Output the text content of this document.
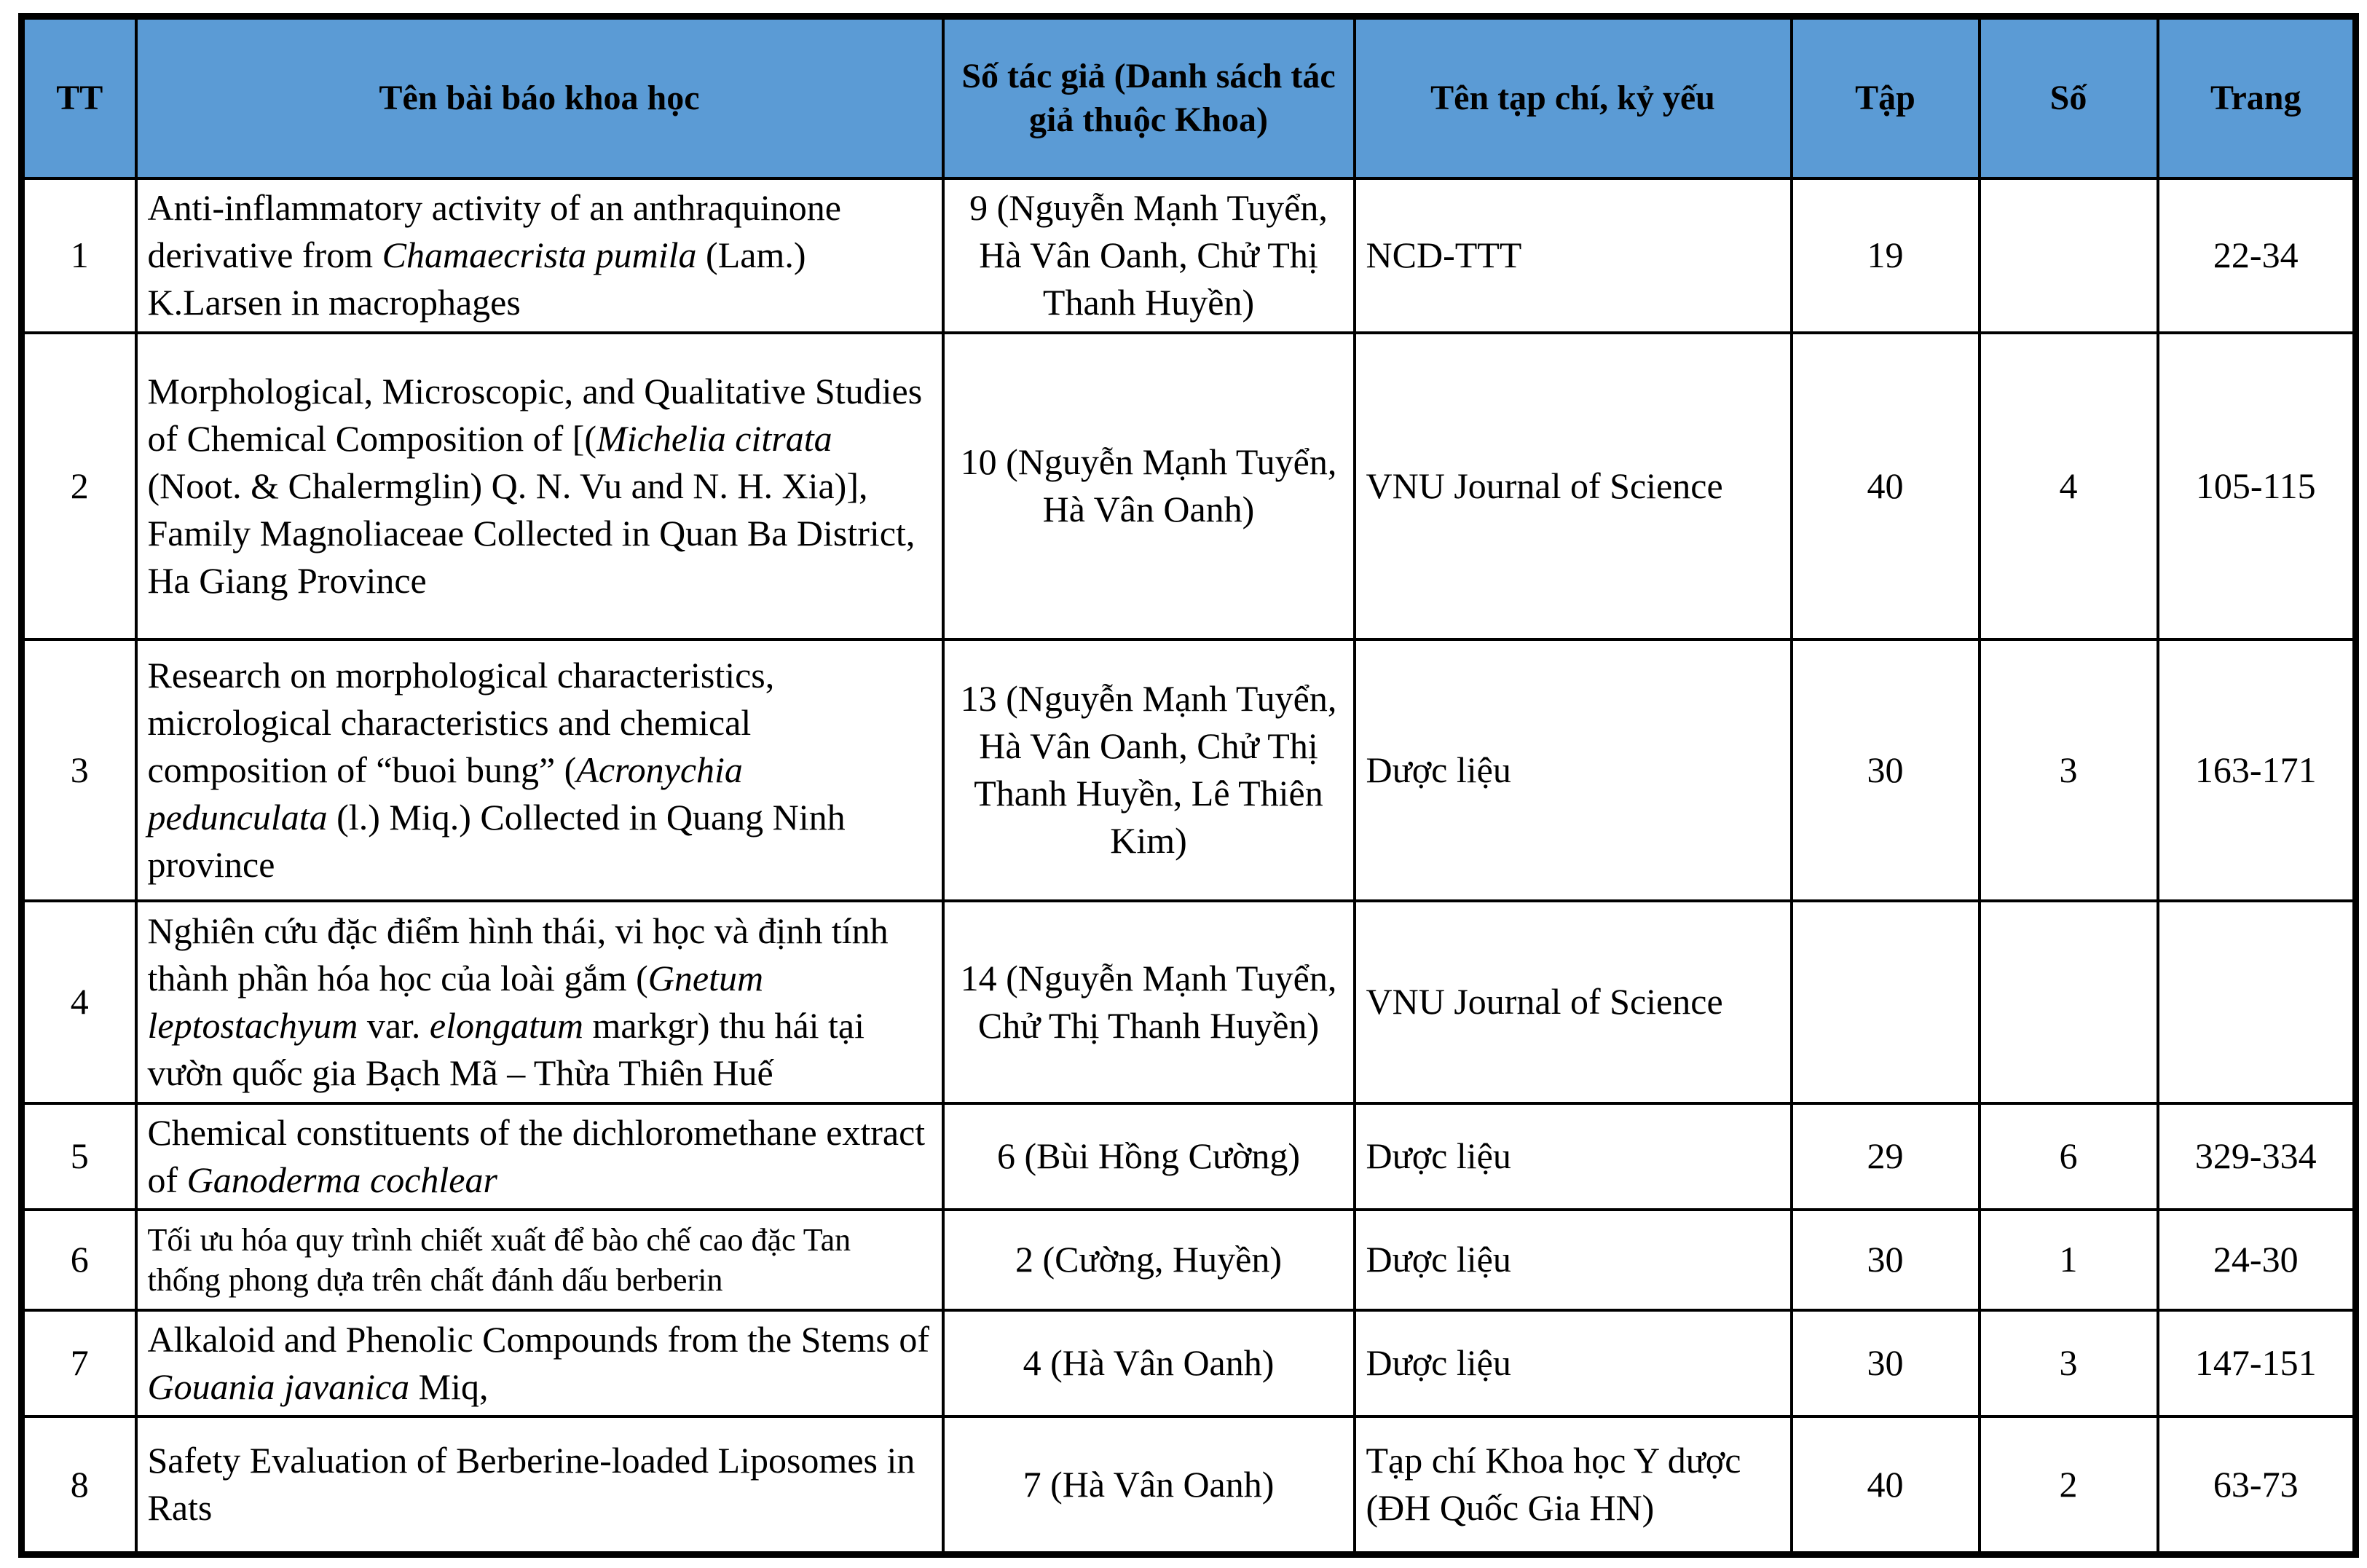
TT	Tên bài báo khoa học	Số tác giả (Danh sách tác giả thuộc Khoa)	Tên tạp chí, kỷ yếu	Tập	Số	Trang
1	Anti-inflammatory activity of an anthraquinone derivative from Chamaecrista pumila (Lam.) K.Larsen in macrophages	9 (Nguyễn Mạnh Tuyển, Hà Vân Oanh, Chử Thị Thanh Huyền)	NCD-TTT	19		22-34
2	Morphological, Microscopic, and Qualitative Studies of Chemical Composition of [(Michelia citrata (Noot. & Chalermglin) Q. N. Vu and N. H. Xia)], Family Magnoliaceae Collected in Quan Ba District, Ha Giang Province	10 (Nguyễn Mạnh Tuyển, Hà Vân Oanh)	VNU Journal of Science	40	4	105-115
3	Research on morphological characteristics, micrological characteristics and chemical composition of “buoi bung” (Acronychia pedunculata (l.) Miq.) Collected in Quang Ninh province	13 (Nguyễn Mạnh Tuyển, Hà Vân Oanh, Chử Thị Thanh Huyền, Lê Thiên Kim)	Dược liệu	30	3	163-171
4	Nghiên cứu đặc điểm hình thái, vi học và định tính thành phần hóa học của loài gắm (Gnetum leptostachyum var. elongatum markgr) thu hái tại vườn quốc gia Bạch Mã – Thừa Thiên Huế	14 (Nguyễn Mạnh Tuyển, Chử Thị Thanh Huyền)	VNU Journal of Science			
5	Chemical constituents of the dichloromethane extract of Ganoderma cochlear	6 (Bùi Hồng Cường)	Dược liệu	29	6	329-334
6	Tối ưu hóa quy trình chiết xuất để bào chế cao đặc Tan thống phong dựa trên chất đánh dấu berberin	2 (Cường, Huyền)	Dược liệu	30	1	24-30
7	Alkaloid and Phenolic Compounds from the Stems of Gouania javanica Miq,	4 (Hà Vân Oanh)	Dược liệu	30	3	147-151
8	Safety Evaluation of Berberine-loaded Liposomes in Rats	7 (Hà Vân Oanh)	Tạp chí Khoa học Y dược (ĐH Quốc Gia HN)	40	2	63-73
